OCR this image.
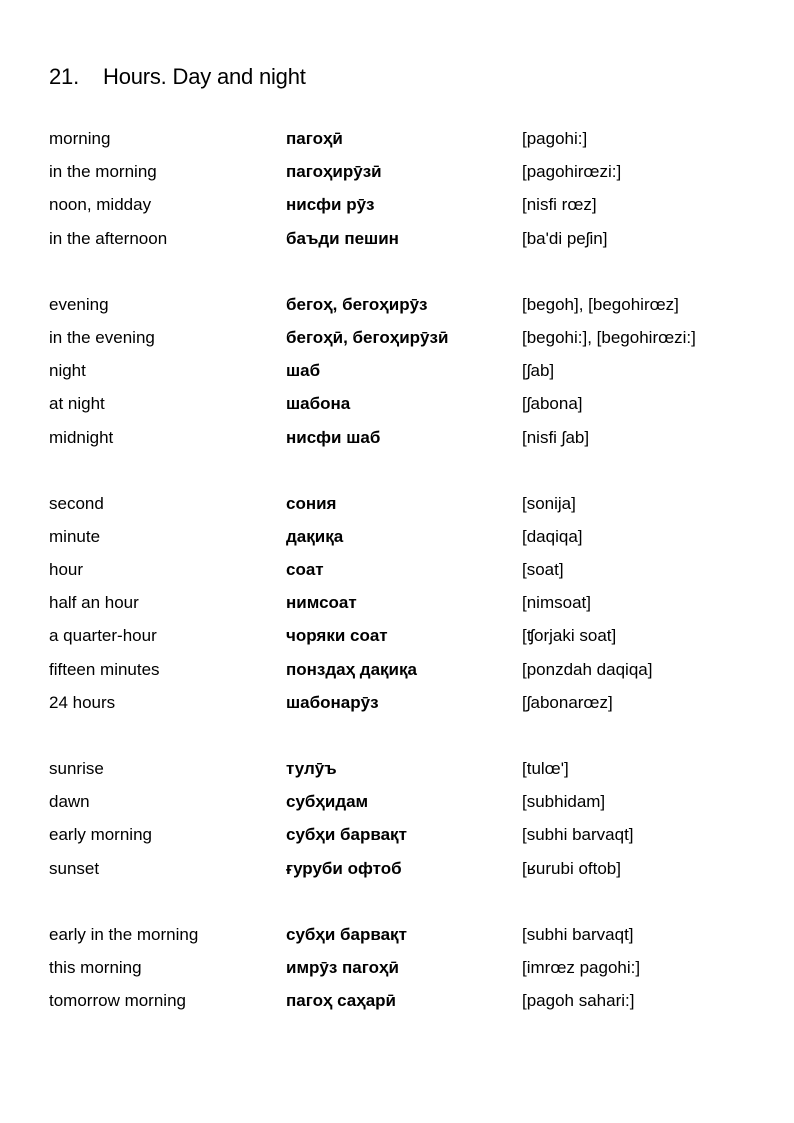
21. Hours. Day and night
morning	пагоҳӣ	[pagohi:]
in the morning	пагоҳирӯзӣ	[pagohirœzi:]
noon, midday	нисфи рӯз	[nisfi rœz]
in the afternoon	баъди пешин	[ba'di peʃin]
evening	бегоҳ, бегоҳирӯз	[begoh], [begohirœz]
in the evening	бегоҳӣ, бегоҳирӯзӣ	[begohi:], [begohirœzi:]
night	шаб	[ʃab]
at night	шабона	[ʃabona]
midnight	нисфи шаб	[nisfi ʃab]
second	сония	[sonija]
minute	дақиқа	[daqiqa]
hour	соат	[soat]
half an hour	нимсоат	[nimsoat]
a quarter-hour	чоряки соат	[ʧorjaki soat]
fifteen minutes	понздаҳ дақиқа	[ponzdah daqiqa]
24 hours	шабонарӯз	[ʃabonarœz]
sunrise	тулӯъ	[tulœ']
dawn	субҳидам	[subhidam]
early morning	субҳи барвақт	[subhi barvaqt]
sunset	ғуруби офтоб	[ʁurubi oftob]
early in the morning	субҳи барвақт	[subhi barvaqt]
this morning	имрӯз пагоҳӣ	[imrœz pagohi:]
tomorrow morning	пагоҳ саҳарӣ	[pagoh sahari:]
